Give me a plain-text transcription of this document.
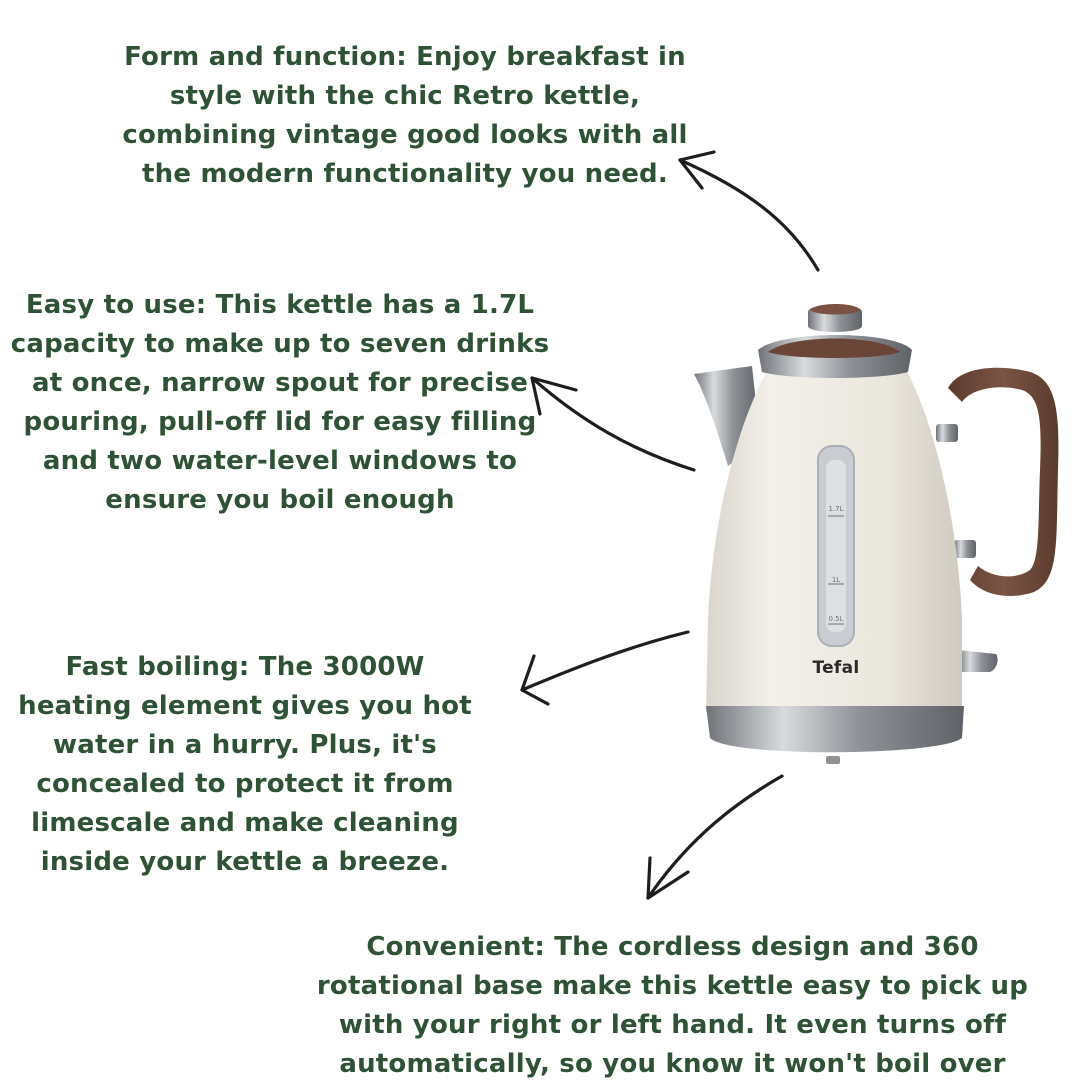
Form and function: Enjoy breakfast in style with the chic Retro kettle, combining vintage good looks with all the modern functionality you need.

Easy to use: This kettle has a 1.7L capacity to make up to seven drinks at once, narrow spout for precise pouring, pull-off lid for easy filling and two water-level windows to ensure you boil enough

Fast boiling: The 3000W heating element gives you hot water in a hurry. Plus, it's concealed to protect it from limescale and make cleaning inside your kettle a breeze.

Convenient: The cordless design and 360 rotational base make this kettle easy to pick up with your right or left hand. It even turns off automatically, so you know it won't boil over

1.7L
1L
0.5L
Tefal
